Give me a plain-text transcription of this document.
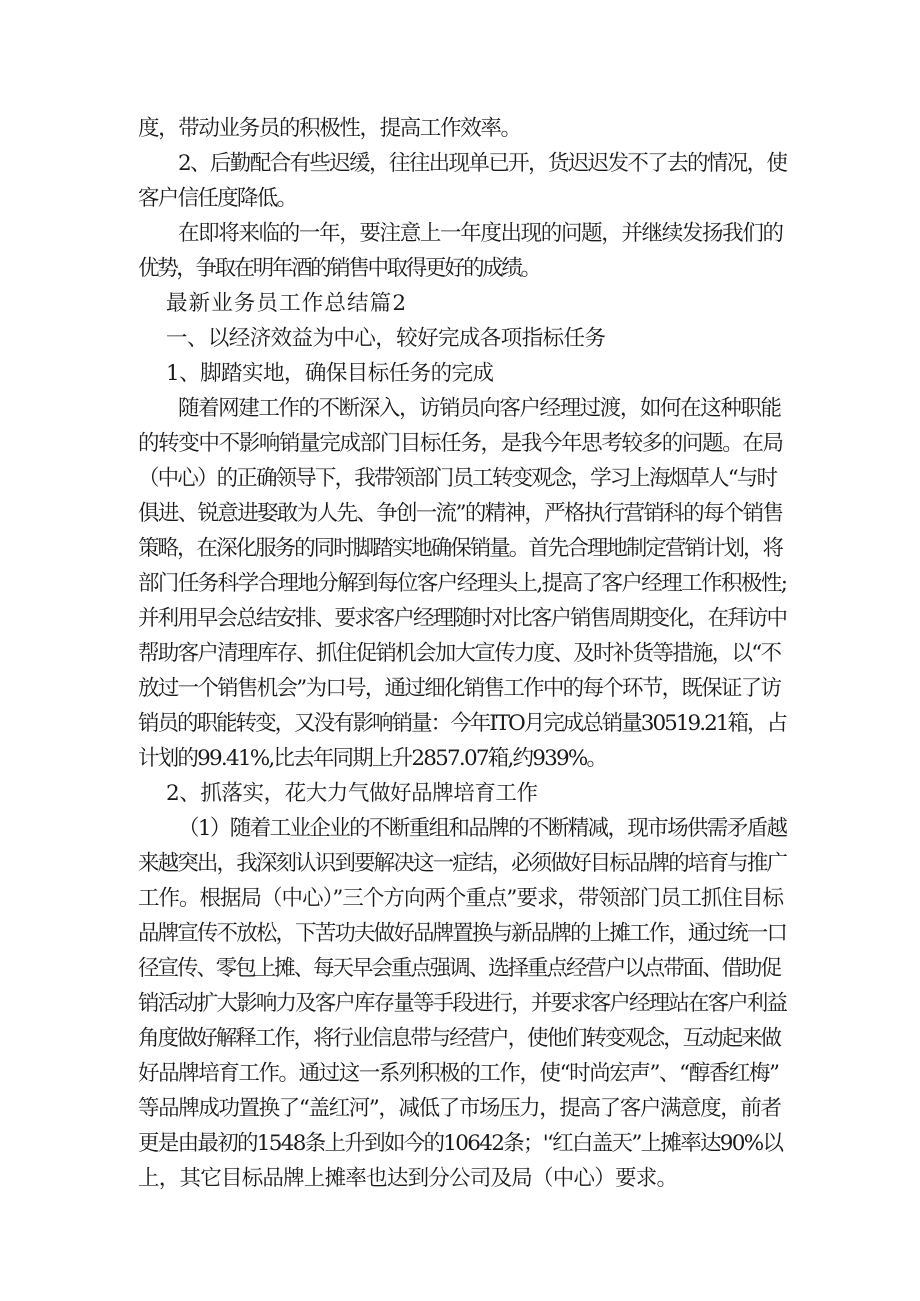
度，带动业务员的积极性，提高工作效率。
2、后勤配合有些迟缓，往往出现单已开，货迟迟发不了去的情况，使
客户信任度降低。
在即将来临的一年，要注意上一年度出现的问题，并继续发扬我们的
优势，争取在明年酒的销售中取得更好的成绩。
最新业务员工作总结篇2
一、以经济效益为中心，较好完成各项指标任务
1、脚踏实地，确保目标任务的完成
随着网建工作的不断深入，访销员向客户经理过渡，如何在这种职能
的转变中不影响销量完成部门目标任务，是我今年思考较多的问题。在局
（中心）的正确领导下，我带领部门员工转变观念，学习上海烟草人“与时
俱进、锐意进娶敢为人先、争创一流”的精神，严格执行营销科的每个销售
策略，在深化服务的同时脚踏实地确保销量。首先合理地制定营销计划，将
部门任务科学合理地分解到每位客户经理头上,提高了客户经理工作积极性;
并利用早会总结安排、要求客户经理随时对比客户销售周期变化，在拜访中
帮助客户清理库存、抓住促销机会加大宣传力度、及时补货等措施，以“不
放过一个销售机会”为口号，通过细化销售工作中的每个环节，既保证了访
销员的职能转变，又没有影响销量：今年ITO月完成总销量30519.21箱，占
计划的99.41%,比去年同期上升2857.07箱,约939%。
2、抓落实，花大力气做好品牌培育工作
（1）随着工业企业的不断重组和品牌的不断精减，现市场供需矛盾越
来越突出，我深刻认识到要解决这一症结，必须做好目标品牌的培育与推广
工作。根据局（中心）”三个方向两个重点”要求，带领部门员工抓住目标
品牌宣传不放松，下苦功夫做好品牌置换与新品牌的上摊工作，通过统一口
径宣传、零包上摊、每天早会重点强调、选择重点经营户以点带面、借助促
销活动扩大影响力及客户库存量等手段进行，并要求客户经理站在客户利益
角度做好解释工作，将行业信息带与经营户，使他们转变观念，互动起来做
好品牌培育工作。通过这一系列积极的工作，使“时尚宏声”、“醇香红梅”
等品牌成功置换了“盖红河”，减低了市场压力，提高了客户满意度，前者
更是由最初的1548条上升到如今的10642条；'‘红白盖天”上摊率达90%以
上，其它目标品牌上摊率也达到分公司及局（中心）要求。
